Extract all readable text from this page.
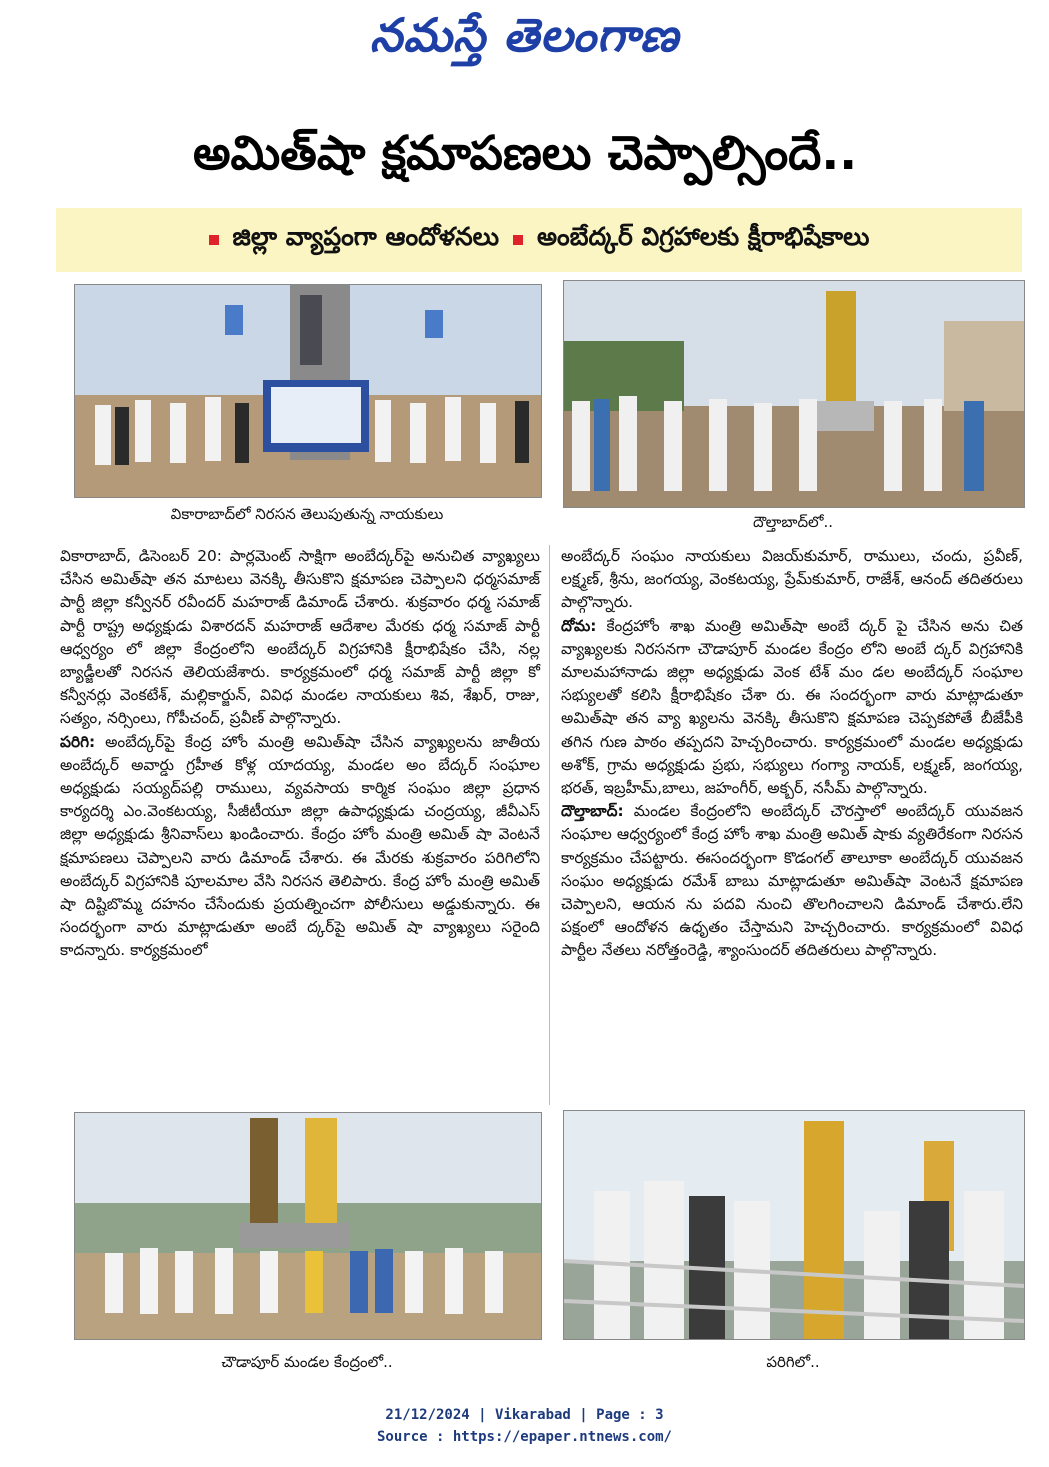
నమస్తే తెలంగాణ
అమిత్‌షా క్షమాపణలు చెప్పాల్సిందే..
జిల్లా వ్యాప్తంగా ఆందోళనలు అంబేద్కర్ విగ్రహాలకు క్షీరాభిషేకాలు
వికారాబాద్‌లో నిరసన తెలుపుతున్న నాయకులు	దౌల్తాబాద్‌లో..

వికారాబాద్, డిసెంబర్ 20: పార్లమెంట్ సాక్షిగా అంబేద్కర్‌పై అనుచిత వ్యాఖ్యలు చేసిన అమిత్‌షా తన మాటలు వెనక్కి తీసుకొని క్షమాపణ చెప్పాలని ధర్మసమాజ్ పార్టీ జిల్లా కన్వీనర్ రవీందర్ మహరాజ్ డిమాండ్ చేశారు. శుక్రవారం ధర్మ సమాజ్ పార్టీ రాష్ట్ర అధ్యక్షుడు విశారదన్ మహరాజ్ ఆదేశాల మేరకు ధర్మ సమాజ్ పార్టీ ఆధ్వర్యం లో జిల్లా కేంద్రంలోని అంబేద్కర్ విగ్రహానికి క్షీరాభిషేకం చేసి, నల్ల బ్యాడ్జీలతో నిరసన తెలియజేశారు. కార్యక్రమంలో ధర్మ సమాజ్ పార్టీ జిల్లా కో కన్వీనర్లు వెంకటేశ్, మల్లికార్జున్, వివిధ మండల నాయకులు శివ, శేఖర్, రాజు, సత్యం, నర్సింలు, గోపీచంద్, ప్రవీణ్ పాల్గొన్నారు.

పరిగి: అంబేద్కర్‌పై కేంద్ర హోం మంత్రి అమిత్‌షా చేసిన వ్యాఖ్యలను జాతీయ అంబేద్కర్ అవార్డు గ్రహీత కోళ్ల యాదయ్య, మండల అం బేద్కర్ సంఘాల అధ్యక్షుడు సయ్యద్‌పల్లి రాములు, వ్యవసాయ కార్మిక సంఘం జిల్లా ప్రధాన కార్యదర్శి ఎం.వెంకటయ్య, సీజీటీయూ జిల్లా ఉపాధ్యక్షుడు చంద్రయ్య, జీవీఎస్ జిల్లా అధ్యక్షుడు శ్రీనివాస్‌లు ఖండించారు. కేంద్రం హోం మంత్రి అమిత్ షా వెంటనే క్షమాపణలు చెప్పాలని వారు డిమాండ్ చేశారు. ఈ మేరకు శుక్రవారం పరిగిలోని అంబేద్కర్ విగ్రహానికి పూలమాల వేసి నిరసన తెలిపారు. కేంద్ర హోం మంత్రి అమిత్ షా దిష్టిబొమ్మ దహనం చేసేందుకు ప్రయత్నించగా పోలీసులు అడ్డుకున్నారు. ఈ సందర్భంగా వారు మాట్లాడుతూ అంబే ద్కర్‌పై అమిత్ షా వ్యాఖ్యలు సరైంది కాదన్నారు. కార్యక్రమంలో

అంబేద్కర్ సంఘం నాయకులు విజయ్‌కుమార్, రాములు, చందు, ప్రవీణ్, లక్ష్మణ్, శ్రీను, జంగయ్య, వెంకటయ్య, ప్రేమ్‌కుమార్, రాజేశ్, ఆనంద్ తదితరులు పాల్గొన్నారు.

దోమ: కేంద్రహోం శాఖ మంత్రి అమిత్‌షా అంబే ద్కర్ పై చేసిన అను చిత వ్యాఖ్యలకు నిరసనగా చౌడాపూర్ మండల కేంద్రం లోని అంబే ద్కర్ విగ్రహానికి మాలమహానాడు జిల్లా అధ్యక్షుడు వెంక టేశ్ మం డల అంబేద్కర్ సంఘాల సభ్యులతో కలిసి క్షీరాభిషేకం చేశా రు. ఈ సందర్భంగా వారు మాట్లాడుతూ అమిత్‌షా తన వ్యా ఖ్యలను వెనక్కి తీసుకొని క్షమాపణ చెప్పకపోతే బీజేపీకి తగిన గుణ పాఠం తప్పదని హెచ్చరించారు. కార్యక్రమంలో మండల అధ్యక్షుడు అశోక్, గ్రామ అధ్యక్షుడు ప్రభు, సభ్యులు గంగ్యా నాయక్, లక్ష్మణ్, జంగయ్య, భరత్, ఇబ్రహీమ్,బాలు, జహంగీర్, అక్బర్, నసీమ్ పాల్గొన్నారు.

దౌల్తాబాద్: మండల కేంద్రంలోని అంబేద్కర్ చౌరస్తాలో అంబేద్కర్ యువజన సంఘాల ఆధ్వర్యంలో కేంద్ర హోం శాఖ మంత్రి అమిత్ షాకు వ్యతిరేకంగా నిరసన కార్యక్రమం చేపట్టారు. ఈసందర్భంగా కొడంగల్ తాలూకా అంబేద్కర్ యువజన సంఘం అధ్యక్షుడు రమేశ్ బాబు మాట్లాడుతూ అమిత్‌షా వెంటనే క్షమాపణ చెప్పాలని, ఆయన ను పదవి నుంచి తొలగించాలని డిమాండ్ చేశారు.లేని పక్షంలో ఆందోళన ఉధృతం చేస్తామని హెచ్చరించారు. కార్యక్రమంలో వివిధ పార్టీల నేతలు నరోత్తంరెడ్డి, శ్యాంసుందర్ తదితరులు పాల్గొన్నారు.

చౌడాపూర్ మండల కేంద్రంలో..	పరిగిలో..
21/12/2024 | Vikarabad | Page : 3
Source : https://epaper.ntnews.com/
